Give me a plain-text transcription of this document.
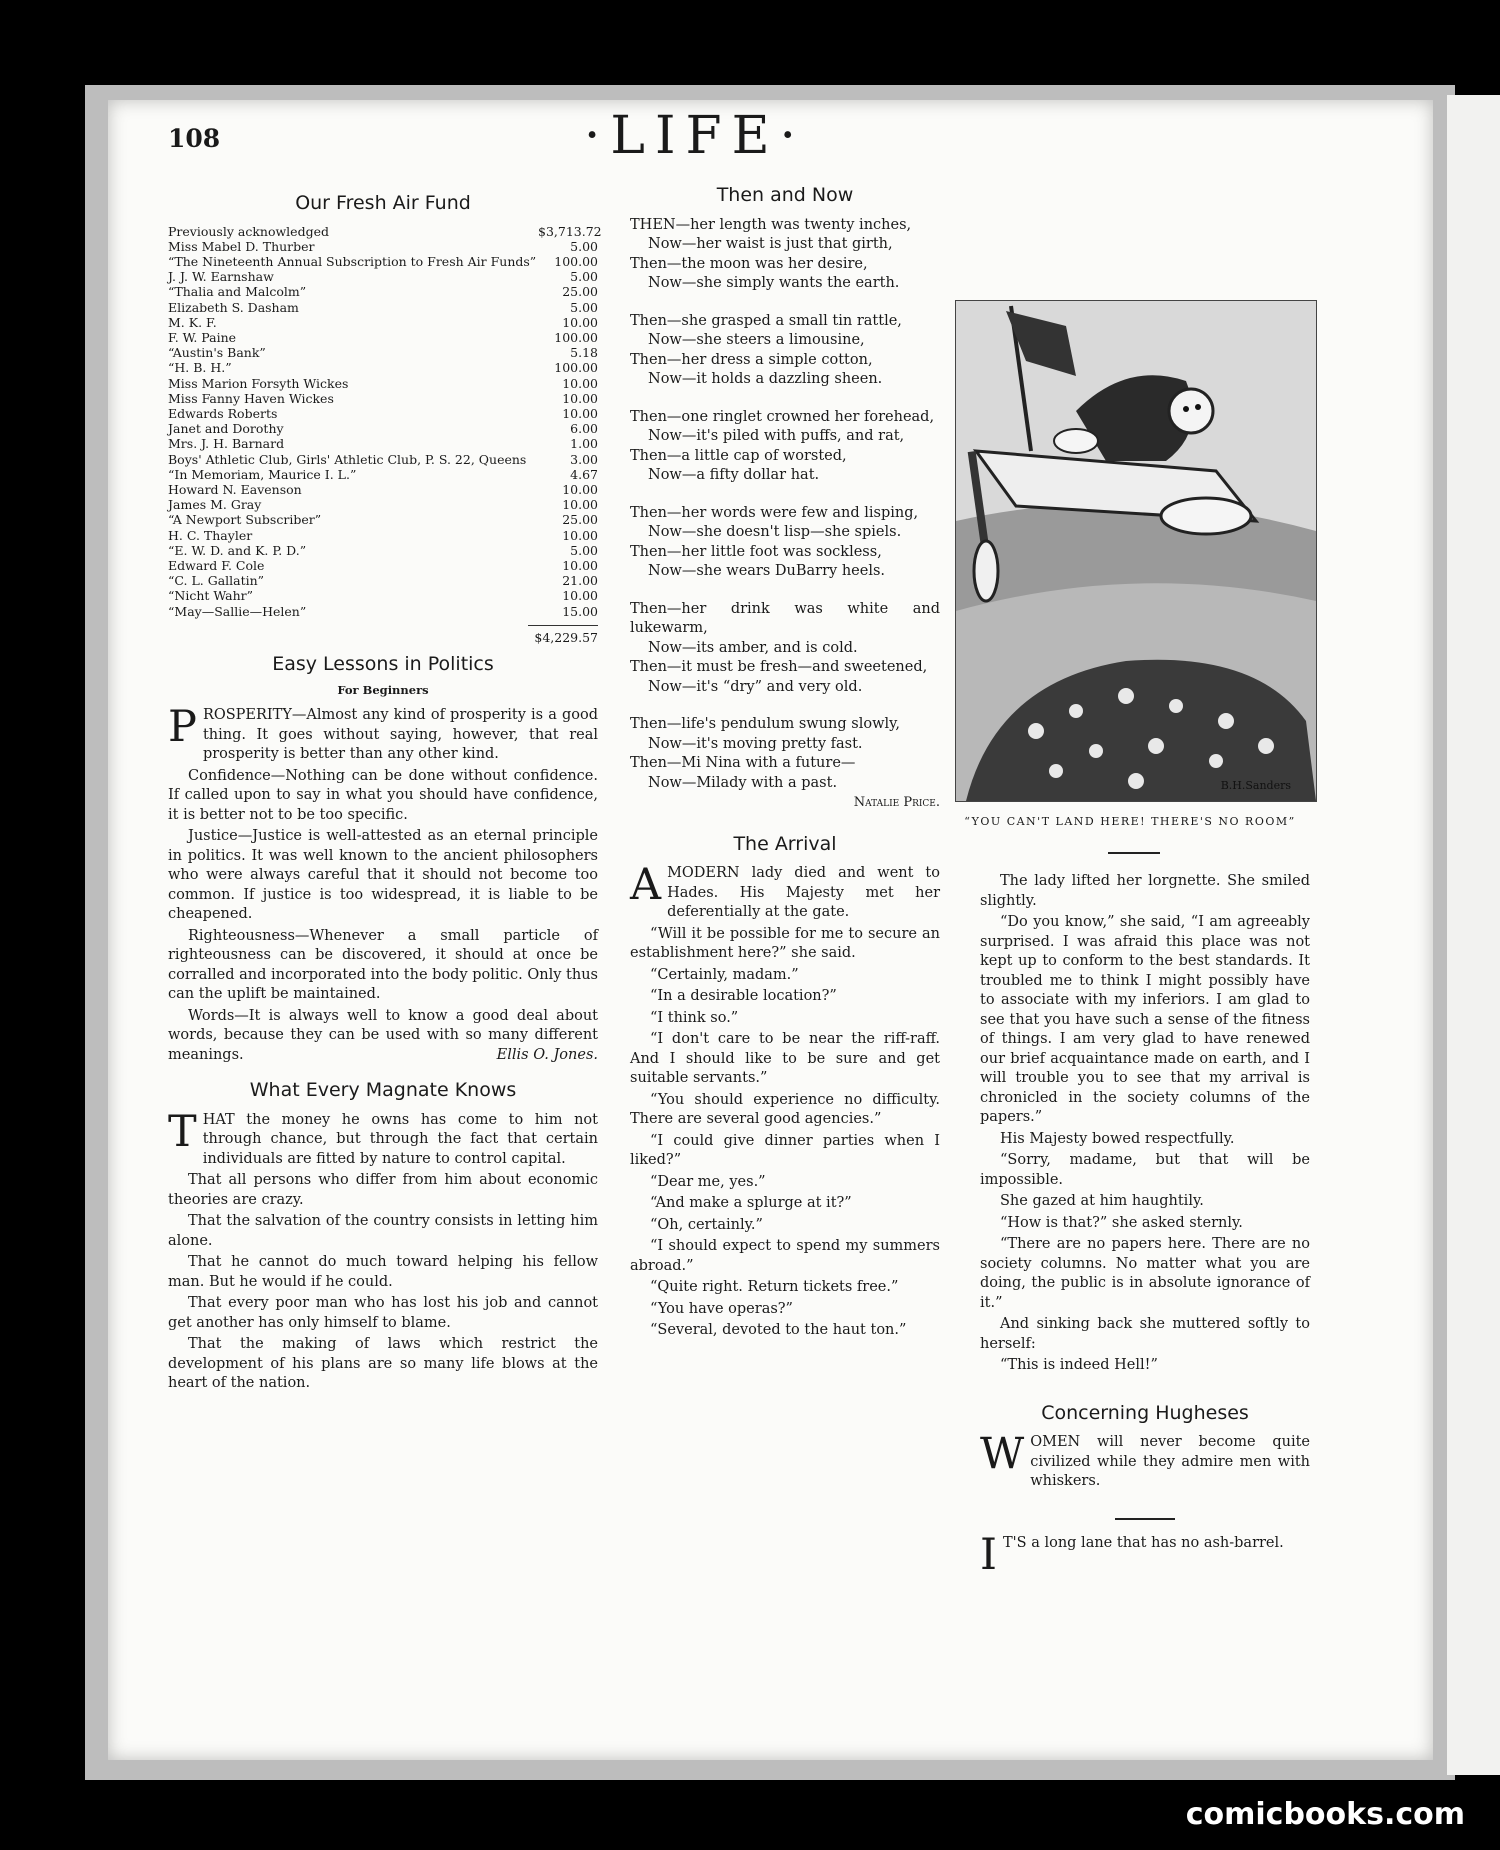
108	·LIFE·
Our Fresh Air Fund
Previously acknowledged	$3,713.72
Miss Mabel D. Thurber	5.00
“The Nineteenth Annual Subscription to Fresh Air Funds”	100.00
J. J. W. Earnshaw	5.00
“Thalia and Malcolm”	25.00
Elizabeth S. Dasham	5.00
M. K. F.	10.00
F. W. Paine	100.00
“Austin's Bank”	5.18
“H. B. H.”	100.00
Miss Marion Forsyth Wickes	10.00
Miss Fanny Haven Wickes	10.00
Edwards Roberts	10.00
Janet and Dorothy	6.00
Mrs. J. H. Barnard	1.00
Boys' Athletic Club, Girls' Athletic Club, P. S. 22, Queens	3.00
“In Memoriam, Maurice I. L.”	4.67
Howard N. Eavenson	10.00
James M. Gray	10.00
“A Newport Subscriber”	25.00
H. C. Thayler	10.00
“E. W. D. and K. P. D.”	5.00
Edward F. Cole	10.00
“C. L. Gallatin”	21.00
“Nicht Wahr”	10.00
“May—Sallie—Helen”	15.00
$4,229.57
Easy Lessons in Politics
For Beginners

PROSPERITY—Almost any kind of prosperity is a good thing. It goes without saying, however, that real prosperity is better than any other kind.

Confidence—Nothing can be done without confidence. If called upon to say in what you should have confidence, it is better not to be too specific.

Justice—Justice is well-attested as an eternal principle in politics. It was well known to the ancient philosophers who were always careful that it should not become too common. If justice is too widespread, it is liable to be cheapened.

Righteousness—Whenever a small particle of righteousness can be discovered, it should at once be corralled and incorporated into the body politic. Only thus can the uplift be maintained.

Words—It is always well to know a good deal about words, because they can be used with so many different meanings.	Ellis O. Jones.

What Every Magnate Knows

THAT the money he owns has come to him not through chance, but through the fact that certain individuals are fitted by nature to control capital.

That all persons who differ from him about economic theories are crazy.

That the salvation of the country consists in letting him alone.

That he cannot do much toward helping his fellow man. But he would if he could.

That every poor man who has lost his job and cannot get another has only himself to blame.

That the making of laws which restrict the development of his plans are so many life blows at the heart of the nation.

Then and Now
THEN—her length was twenty inches,
Now—her waist is just that girth,
Then—the moon was her desire,
Now—she simply wants the earth.
Then—she grasped a small tin rattle,
Now—she steers a limousine,
Then—her dress a simple cotton,
Now—it holds a dazzling sheen.
Then—one ringlet crowned her forehead,
Now—it's piled with puffs, and rat,
Then—a little cap of worsted,
Now—a fifty dollar hat.
Then—her words were few and lisping,
Now—she doesn't lisp—she spiels.
Then—her little foot was sockless,
Now—she wears DuBarry heels.
Then—her drink was white and lukewarm,
Now—its amber, and is cold.
Then—it must be fresh—and sweetened,
Now—it's “dry” and very old.
Then—life's pendulum swung slowly,
Now—it's moving pretty fast.
Then—Mi Nina with a future—
Now—Milady with a past.
Natalie Price.
The Arrival

AMODERN lady died and went to Hades. His Majesty met her deferentially at the gate.

“Will it be possible for me to secure an establishment here?” she said.

“Certainly, madam.”

“In a desirable location?”

“I think so.”

“I don't care to be near the riff-raff. And I should like to be sure and get suitable servants.”

“You should experience no difficulty. There are several good agencies.”

“I could give dinner parties when I liked?”

“Dear me, yes.”

“And make a splurge at it?”

“Oh, certainly.”

“I should expect to spend my summers abroad.”

“Quite right. Return tickets free.”

“You have operas?”

“Several, devoted to the haut ton.”

B.H.Sanders
“YOU CAN'T LAND HERE! THERE'S NO ROOM”

The lady lifted her lorgnette. She smiled slightly.

“Do you know,” she said, “I am agreeably surprised. I was afraid this place was not kept up to conform to the best standards. It troubled me to think I might possibly have to associate with my inferiors. I am glad to see that you have such a sense of the fitness of things. I am very glad to have renewed our brief acquaintance made on earth, and I will trouble you to see that my arrival is chronicled in the society columns of the papers.”

His Majesty bowed respectfully.

“Sorry, madame, but that will be impossible.

She gazed at him haughtily.

“How is that?” she asked sternly.

“There are no papers here. There are no society columns. No matter what you are doing, the public is in absolute ignorance of it.”

And sinking back she muttered softly to herself:

“This is indeed Hell!”

Concerning Hugheses

WOMEN will never become quite civilized while they admire men with whiskers.

I T'S a long lane that has no ash-barrel.

comicbooks.com
